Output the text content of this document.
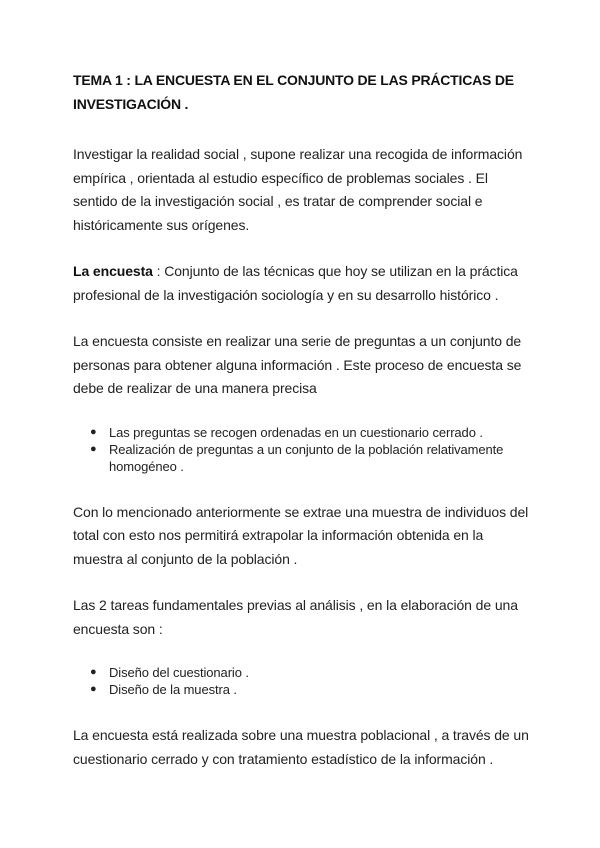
TEMA 1 : LA ENCUESTA EN EL CONJUNTO DE LAS PRÁCTICAS DE INVESTIGACIÓN .

Investigar la realidad social , supone realizar una recogida de información empírica , orientada al estudio específico de problemas sociales . El sentido de la investigación social , es tratar de comprender social e históricamente sus orígenes.

La encuesta : Conjunto de las técnicas que hoy se utilizan en la práctica profesional de la investigación sociología y en su desarrollo histórico .

La encuesta consiste en realizar una serie de preguntas a un conjunto de personas para obtener alguna información . Este proceso de encuesta se debe de realizar de una manera precisa

● Las preguntas se recogen ordenadas en un cuestionario cerrado .
● Realización de preguntas a un conjunto de la población relativamente homogéneo .

Con lo mencionado anteriormente se extrae una muestra de individuos del total con esto nos permitirá extrapolar la información obtenida en la muestra al conjunto de la población .

Las 2 tareas fundamentales previas al análisis , en la elaboración de una encuesta son :

● Diseño del cuestionario .
● Diseño de la muestra .

La encuesta está realizada sobre una muestra poblacional , a través de un cuestionario cerrado y con tratamiento estadístico de la información .
